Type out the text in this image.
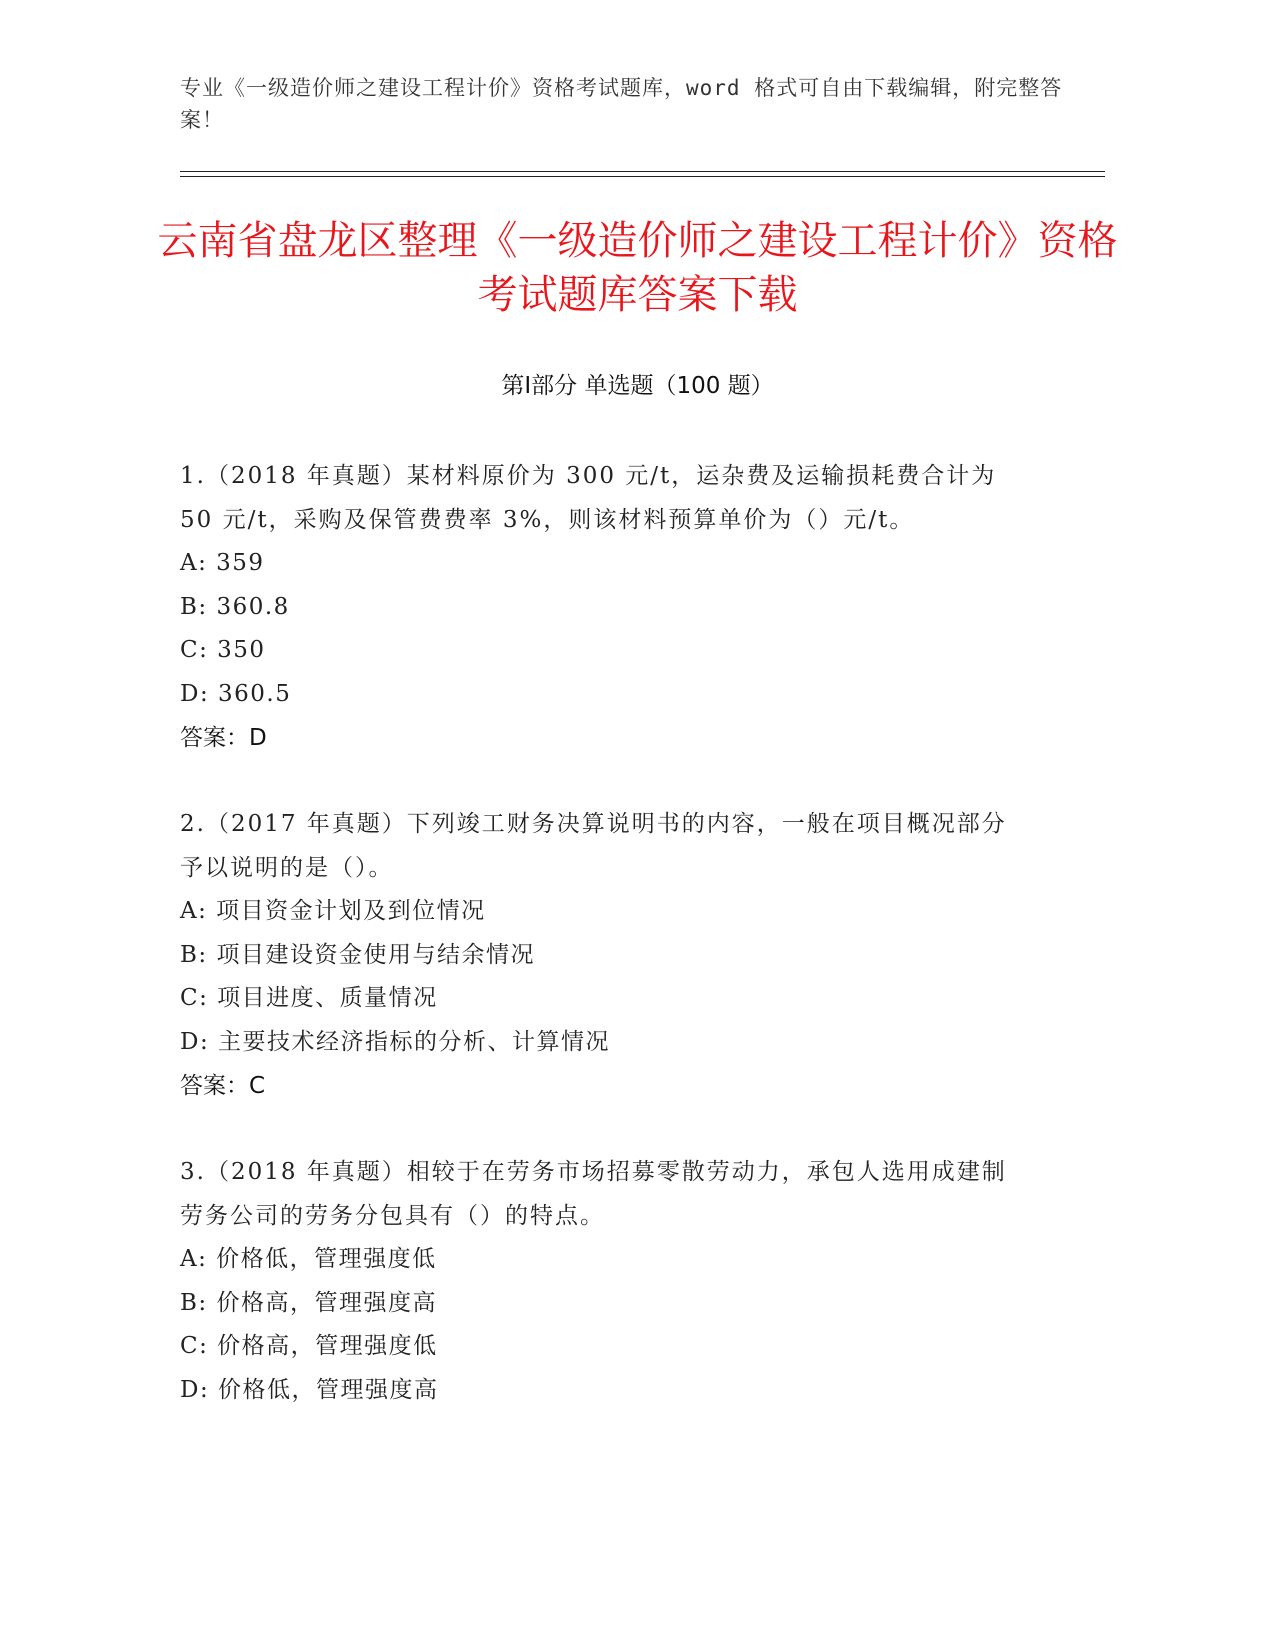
专业《一级造价师之建设工程计价》资格考试题库，word 格式可自由下载编辑，附完整答案！
云南省盘龙区整理《一级造价师之建设工程计价》资格考试题库答案下载
第Ⅰ部分 单选题（100 题）

1.（2018 年真题）某材料原价为 300 元/t，运杂费及运输损耗费合计为 50 元/t，采购及保管费费率 3%，则该材料预算单价为（）元/t。

A: 359

B: 360.8

C: 350

D: 360.5

答案：D

2.（2017 年真题）下列竣工财务决算说明书的内容，一般在项目概况部分予以说明的是（）。

A: 项目资金计划及到位情况

B: 项目建设资金使用与结余情况

C: 项目进度、质量情况

D: 主要技术经济指标的分析、计算情况

答案：C

3.（2018 年真题）相较于在劳务市场招募零散劳动力，承包人选用成建制劳务公司的劳务分包具有（）的特点。

A: 价格低，管理强度低

B: 价格高，管理强度高

C: 价格高，管理强度低

D: 价格低，管理强度高
